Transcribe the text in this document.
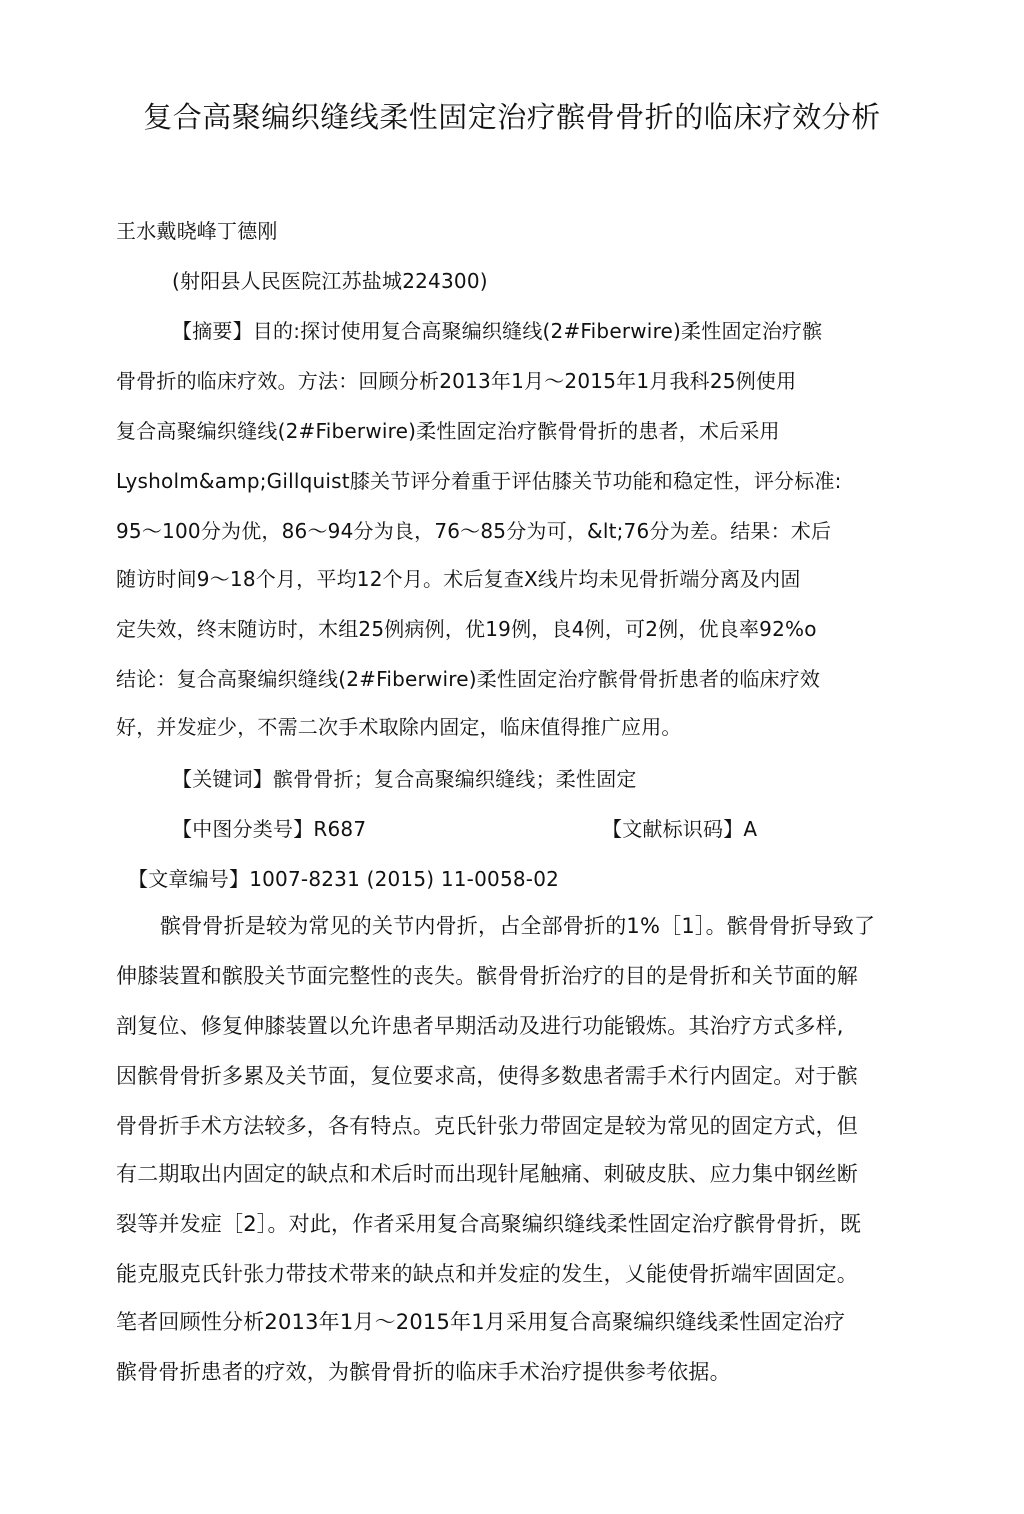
复合高聚编织缝线柔性固定治疗髌骨骨折的临床疗效分析
王水戴晓峰丁德刚
(射阳县人民医院江苏盐城224300)
【摘要】目的:探讨使用复合高聚编织缝线(2#Fiberwire)柔性固定治疗髌
骨骨折的临床疗效。方法：回顾分析2013年1月～2015年1月我科25例使用
复合高聚编织缝线(2#Fiberwire)柔性固定治疗髌骨骨折的患者，术后采用
Lysholm&amp;Gillquist膝关节评分着重于评估膝关节功能和稳定性，评分标准:
95～100分为优，86～94分为良，76～85分为可，&lt;76分为差。结果：术后
随访时间9～18个月，平均12个月。术后复查X线片均未见骨折端分离及内固
定失效，终末随访时，木组25例病例，优19例，良4例，可2例，优良率92%o
结论：复合高聚编织缝线(2#Fiberwire)柔性固定治疗髌骨骨折患者的临床疗效
好，并发症少，不需二次手术取除内固定，临床值得推广应用。
【关键词】髌骨骨折；复合高聚编织缝线；柔性固定
【中图分类号】R687	【文献标识码】A
【文章编号】1007-8231 (2015) 11-0058-02
髌骨骨折是较为常见的关节内骨折，占全部骨折的1%［1］。髌骨骨折导致了
伸膝装置和髌股关节面完整性的丧失。髌骨骨折治疗的目的是骨折和关节面的解
剖复位、修复伸膝装置以允许患者早期活动及进行功能锻炼。其治疗方式多样,
因髌骨骨折多累及关节面，复位要求高，使得多数患者需手术行内固定。对于髌
骨骨折手术方法较多，各有特点。克氏针张力带固定是较为常见的固定方式，但
有二期取出内固定的缺点和术后时而出现针尾触痛、刺破皮肤、应力集中钢丝断
裂等并发症［2］。对此，作者采用复合高聚编织缝线柔性固定治疗髌骨骨折，既
能克服克氏针张力带技术带来的缺点和并发症的发生，乂能使骨折端牢固固定。
笔者回顾性分析2013年1月～2015年1月采用复合高聚编织缝线柔性固定治疗
髌骨骨折患者的疗效，为髌骨骨折的临床手术治疗提供参考依据。
